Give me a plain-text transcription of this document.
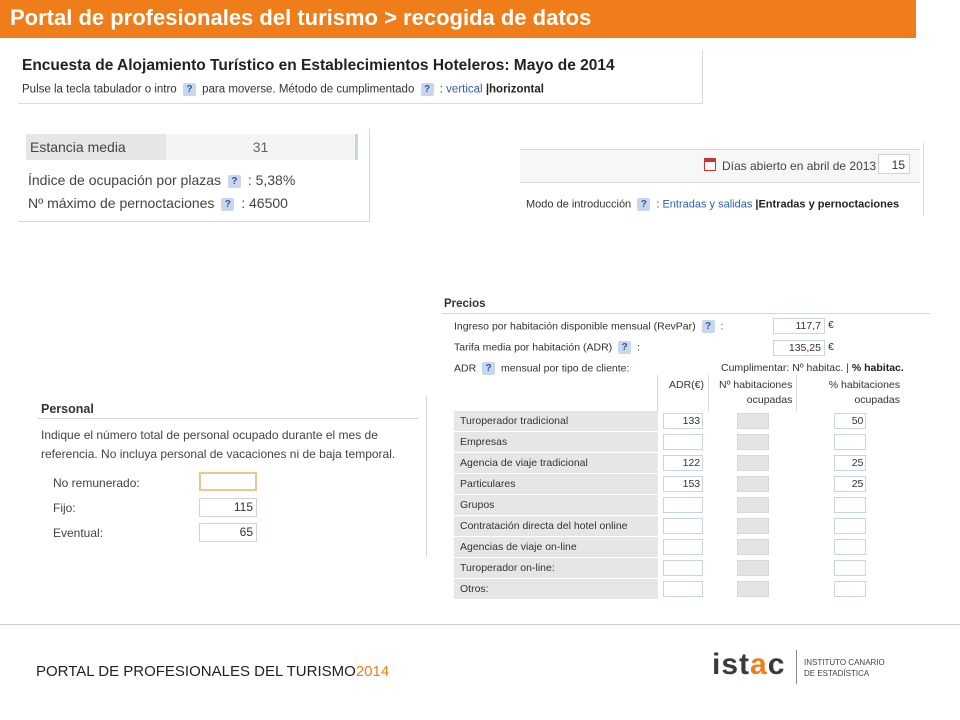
Portal de profesionales del turismo > recogida de datos
Encuesta de Alojamiento Turístico en Establecimientos Hoteleros: Mayo de 2014
Pulse la tecla tabulador o intro ? para moverse. Método de cumplimentado ? : vertical |horizontal
Estancia media	31
Índice de ocupación por plazas ? : 5,38%
Nº máximo de pernoctaciones ? : 46500
Días abierto en abril de 2013	15
Modo de introducción ? : Entradas y salidas |Entradas y pernoctaciones
Personal
Indique el número total de personal ocupado durante el mes de referencia. No incluya personal de vacaciones ni de baja temporal.
No remunerado:
Fijo:	115
Eventual:	65
Precios
Ingreso por habitación disponible mensual (RevPar) ? :	117,7 €
Tarifa media por habitación (ADR) ? :	135,25 €
ADR ? mensual por tipo de cliente:	Cumplimentar: Nº habitac. | % habitac.
	ADR(€)	Nº habitaciones ocupadas	% habitaciones ocupadas
Turoperador tradicional	133		50
Empresas			
Agencia de viaje tradicional	122		25
Particulares	153		25
Grupos			
Contratación directa del hotel online			
Agencias de viaje on-line			
Turoperador on-line:			
Otros:			
PORTAL DE PROFESIONALES DEL TURISMO2014	istac INSTITUTO CANARIO
DE ESTADÍSTICA
